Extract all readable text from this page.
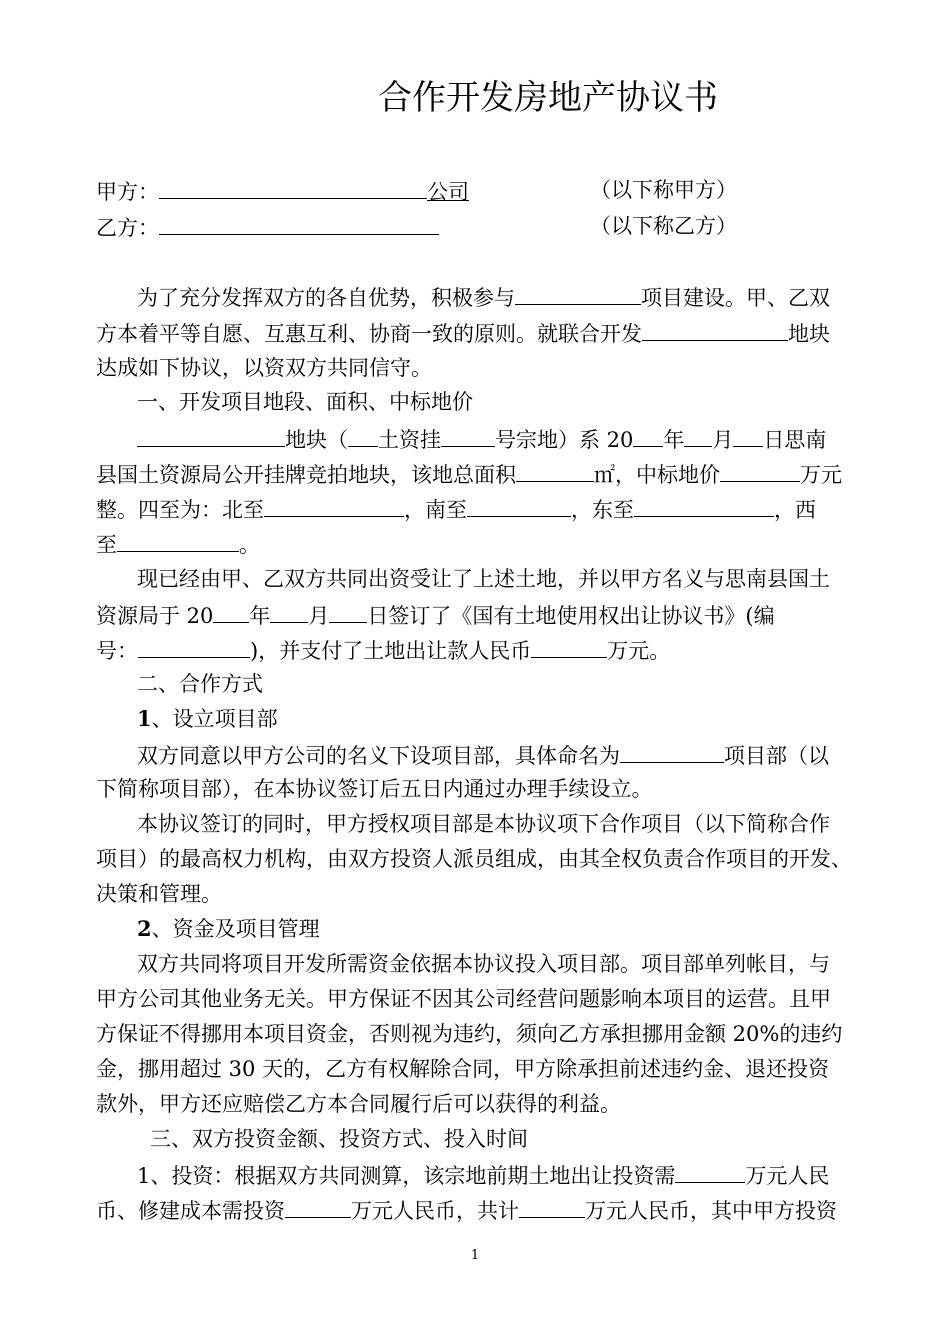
合作开发房地产协议书
甲方：	公司	（以下称甲方）
乙方：	（以下称乙方）
为了充分发挥双方的各自优势，积极参与	项目建设。甲、乙双
方本着平等自愿、互惠互利、协商一致的原则。就联合开发	地块
达成如下协议，以资双方共同信守。
一、开发项目地段、面积、中标地价
地块（ 土资挂	号宗地）系 20 年 月 日思南
县国土资源局公开挂牌竞拍地块，该地总面积	㎡，中标地价	万元
整。四至为：北至	，南至	，东至	，西
至	。
现已经由甲、乙双方共同出资受让了上述土地，并以甲方名义与思南县国土
资源局于 20 年 月 日签订了《国有土地使用权出让协议书》(编
号：	)，并支付了土地出让款人民币	万元。
二、合作方式
1、设立项目部
双方同意以甲方公司的名义下设项目部，具体命名为	项目部（以
下简称项目部），在本协议签订后五日内通过办理手续设立。
本协议签订的同时，甲方授权项目部是本协议项下合作项目（以下简称合作
项目）的最高权力机构，由双方投资人派员组成，由其全权负责合作项目的开发、
决策和管理。
2、资金及项目管理
双方共同将项目开发所需资金依据本协议投入项目部。项目部单列帐目，与
甲方公司其他业务无关。甲方保证不因其公司经营问题影响本项目的运营。且甲
方保证不得挪用本项目资金，否则视为违约，须向乙方承担挪用金额 20%的违约
金，挪用超过 30 天的，乙方有权解除合同，甲方除承担前述违约金、退还投资
款外，甲方还应赔偿乙方本合同履行后可以获得的利益。
三、双方投资金额、投资方式、投入时间
1、投资：根据双方共同测算，该宗地前期土地出让投资需	万元人民
币、修建成本需投资	万元人民币，共计	万元人民币，其中甲方投资
1
